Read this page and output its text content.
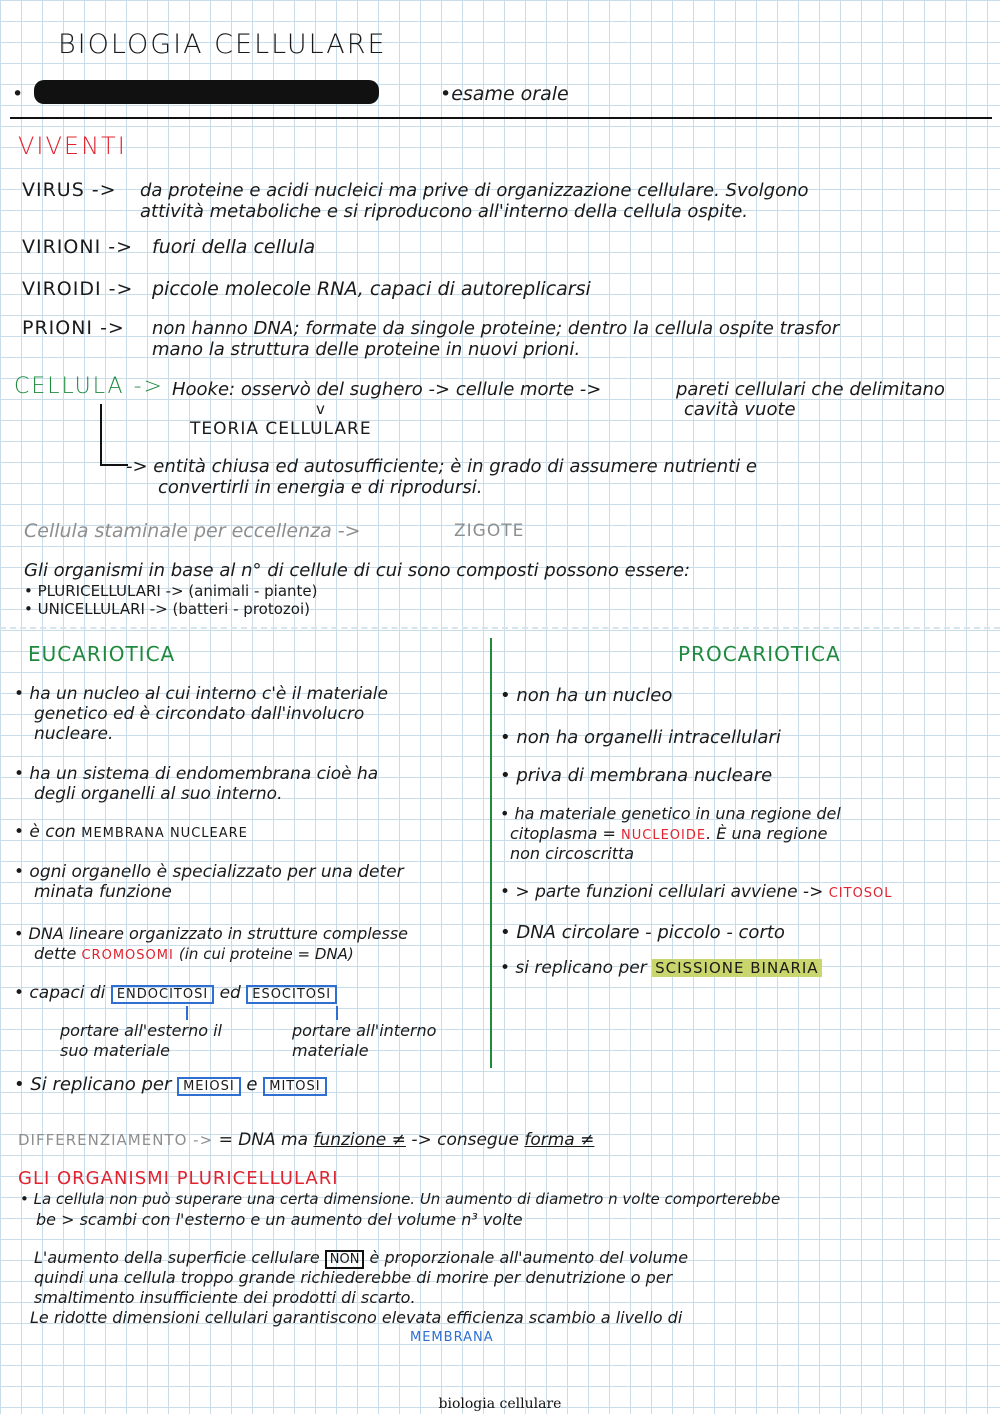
BIOLOGIA CELLULARE
•	•esame orale
VIVENTI
VIRUS -> da proteine e acidi nucleici ma prive di organizzazione cellulare. Svolgono
attività metaboliche e si riproducono all'interno della cellula ospite.
VIRIONI -> fuori della cellula
VIROIDI -> piccole molecole RNA, capaci di autoreplicarsi
PRIONI -> non hanno DNA; formate da singole proteine; dentro la cellula ospite trasfor
mano la struttura delle proteine in nuovi prioni.
CELLULA -> Hooke: osservò del sughero -> cellule morte ->	pareti cellulari che delimitano
cavità vuote
v
TEORIA CELLULARE
-> entità chiusa ed autosufficiente; è in grado di assumere nutrienti e
convertirli in energia e di riprodursi.
Cellula staminale per eccellenza ->	ZIGOTE
Gli organismi in base al n° di cellule di cui sono composti possono essere:
• PLURICELLULARI -> (animali - piante)
• UNICELLULARI -> (batteri - protozoi)
EUCARIOTICA
• ha un nucleo al cui interno c'è il materiale
genetico ed è circondato dall'involucro
nucleare.
• ha un sistema di endomembrana cioè ha
degli organelli al suo interno.
• è con MEMBRANA NUCLEARE
• ogni organello è specializzato per una deter
minata funzione
• DNA lineare organizzato in strutture complesse
dette CROMOSOMI (in cui proteine = DNA)
• capaci di ENDOCITOSI ed ESOCITOSI
portare all'esterno il
suo materiale
portare all'interno
materiale
• Si replicano per MEIOSI e MITOSI
PROCARIOTICA
• non ha un nucleo
• non ha organelli intracellulari
• priva di membrana nucleare
• ha materiale genetico in una regione del
citoplasma = NUCLEOIDE. È una regione
non circoscritta
• > parte funzioni cellulari avviene -> CITOSOL
• DNA circolare - piccolo - corto
• si replicano per SCISSIONE BINARIA
DIFFERENZIAMENTO -> = DNA ma funzione ≠ -> consegue forma ≠
GLI ORGANISMI PLURICELLULARI
• La cellula non può superare una certa dimensione. Un aumento di diametro n volte comporterebbe
be > scambi con l'esterno e un aumento del volume n³ volte
L'aumento della superficie cellulare NON è proporzionale all'aumento del volume
quindi una cellula troppo grande richiederebbe di morire per denutrizione o per
smaltimento insufficiente dei prodotti di scarto.
Le ridotte dimensioni cellulari garantiscono elevata efficienza scambio a livello di
MEMBRANA
biologia cellulare
